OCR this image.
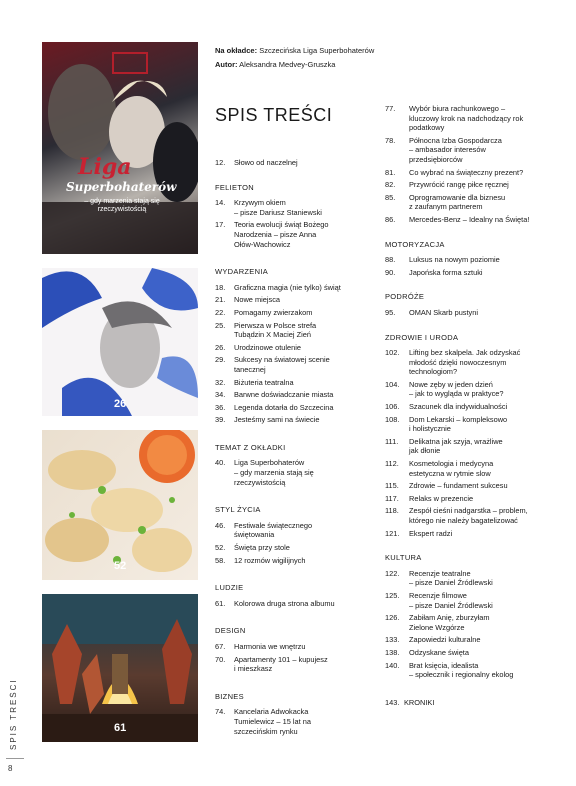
SPIS TREŚCI
8
Liga
Superbohaterów
– gdy marzenia stają się rzeczywistością
26
52
61
Na okładce: Szczecińska Liga Superbohaterów
Autor: Aleksandra Medvey-Gruszka
SPIS TREŚCI
12.	Słowo od naczelnej
FELIETON
14.	Krzywym okiem
– pisze Dariusz Staniewski
17.	Teoria ewolucji świąt Bożego
Narodzenia – pisze Anna
Ołów-Wachowicz
WYDARZENIA
18.	Graficzna magia (nie tylko) świąt
21.	Nowe miejsca
22.	Pomagamy zwierzakom
25.	Pierwsza w Polsce strefa
Tubądzin X Maciej Zień
26.	Urodzinowe otulenie
29.	Sukcesy na światowej scenie
tanecznej
32.	Biżuteria teatralna
34.	Barwne doświadczanie miasta
36.	Legenda dotarła do Szczecina
39.	Jesteśmy sami na świecie
TEMAT Z OKŁADKI
40.	Liga Superbohaterów
– gdy marzenia stają się
rzeczywistością
STYL ŻYCIA
46.	Festiwale świątecznego
świętowania
52.	Święta przy stole
58.	12 rozmów wigilijnych
LUDZIE
61.	Kolorowa druga strona albumu
DESIGN
67.	Harmonia we wnętrzu
70.	Apartamenty 101 – kupujesz
i mieszkasz
BIZNES
74.	Kancelaria Adwokacka
Tumielewicz – 15 lat na
szczecińskim rynku
77.	Wybór biura rachunkowego –
kluczowy krok na nadchodzący rok
podatkowy
78.	Północna Izba Gospodarcza
– ambasador interesów
przedsiębiorców
81.	Co wybrać na świąteczny prezent?
82.	Przywrócić rangę piłce ręcznej
85.	Oprogramowanie dla biznesu
z zaufanym partnerem
86.	Mercedes-Benz – Idealny na Święta!
MOTORYZACJA
88.	Luksus na nowym poziomie
90.	Japońska forma sztuki
PODRÓŻE
95.	OMAN Skarb pustyni
ZDROWIE I URODA
102.	Lifting bez skalpela. Jak odzyskać
młodość dzięki nowoczesnym
technologiom?
104.	Nowe zęby w jeden dzień
– jak to wygląda w praktyce?
106.	Szacunek dla indywidualności
108.	Dom Lekarski – kompleksowo
i holistycznie
111.	Delikatna jak szyja, wrażliwe
jak dłonie
112.	Kosmetologia i medycyna
estetyczna w rytmie slow
115.	Zdrowie – fundament sukcesu
117.	Relaks w prezencie
118.	Zespół cieśni nadgarstka – problem,
którego nie należy bagatelizować
121.	Ekspert radzi
KULTURA
122.	Recenzje teatralne
– pisze Daniel Źródlewski
125.	Recenzje filmowe
– pisze Daniel Źródlewski
126.	Zabiłam Anię, zburzyłam
Zielone Wzgórze
133.	Zapowiedzi kulturalne
138.	Odzyskane święta
140.	Brat księcia, idealista
– społecznik i regionalny ekolog
143. KRONIKI
